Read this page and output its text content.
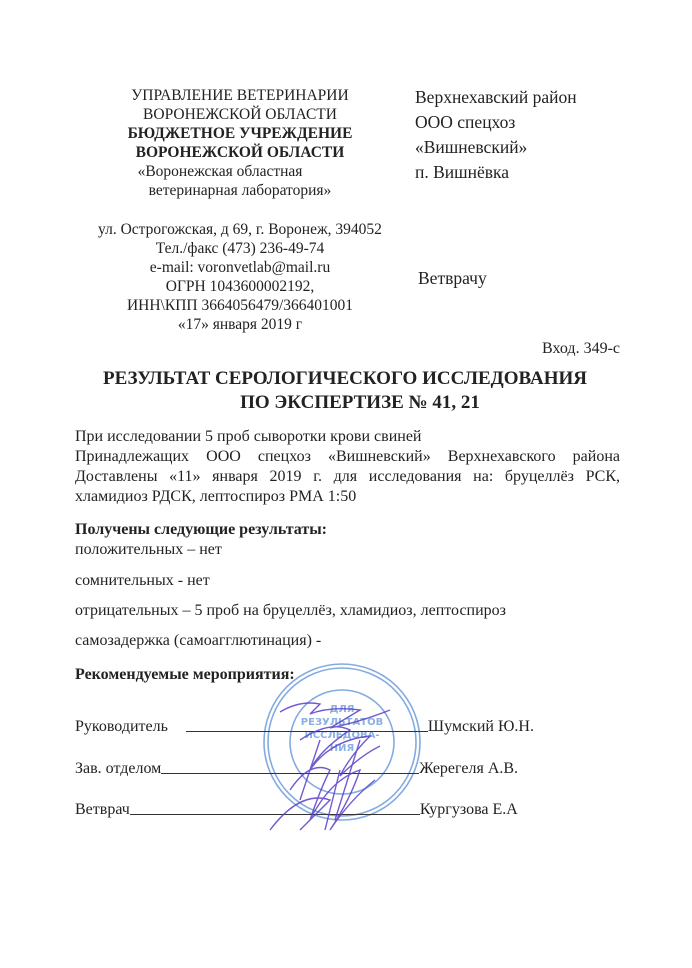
УПРАВЛЕНИЕ ВЕТЕРИНАРИИ
ВОРОНЕЖСКОЙ ОБЛАСТИ
БЮДЖЕТНОЕ УЧРЕЖДЕНИЕ
ВОРОНЕЖСКОЙ ОБЛАСТИ
«Воронежская областная
ветеринарная лаборатория»
ул. Острогожская, д 69, г. Воронеж, 394052
Тел./факс (473) 236-49-74
e-mail: voronvetlab@mail.ru
ОГРН 1043600002192,
ИНН\КПП 3664056479/366401001
«17» января 2019 г
Верхнехавский район
ООО спецхоз
«Вишневский»
п. Вишнёвка
Ветврачу
Вход. 349-с
РЕЗУЛЬТАТ СЕРОЛОГИЧЕСКОГО ИССЛЕДОВАНИЯ
ПО ЭКСПЕРТИЗЕ № 41, 21
При исследовании 5 проб сыворотки крови свиней
Принадлежащих ООО спецхоз «Вишневский» Верхнехавского района
Доставлены «11» января 2019 г. для исследования на: бруцеллёз РСК,
хламидиоз РДСК, лептоспироз РМА 1:50
Получены следующие результаты:
положительных – нет
сомнительных - нет
отрицательных – 5 проб на бруцеллёз, хламидиоз, лептоспироз
самозадержка (самоагглютинация) -
Рекомендуемые мероприятия:
ДЛЯ
РЕЗУЛЬТАТОВ
ИССЛЕДОВА-
НИЯ
Руководитель	Шумский Ю.Н.
Зав. отделом	Жерегеля А.В.
Ветврач	Кургузова Е.А
